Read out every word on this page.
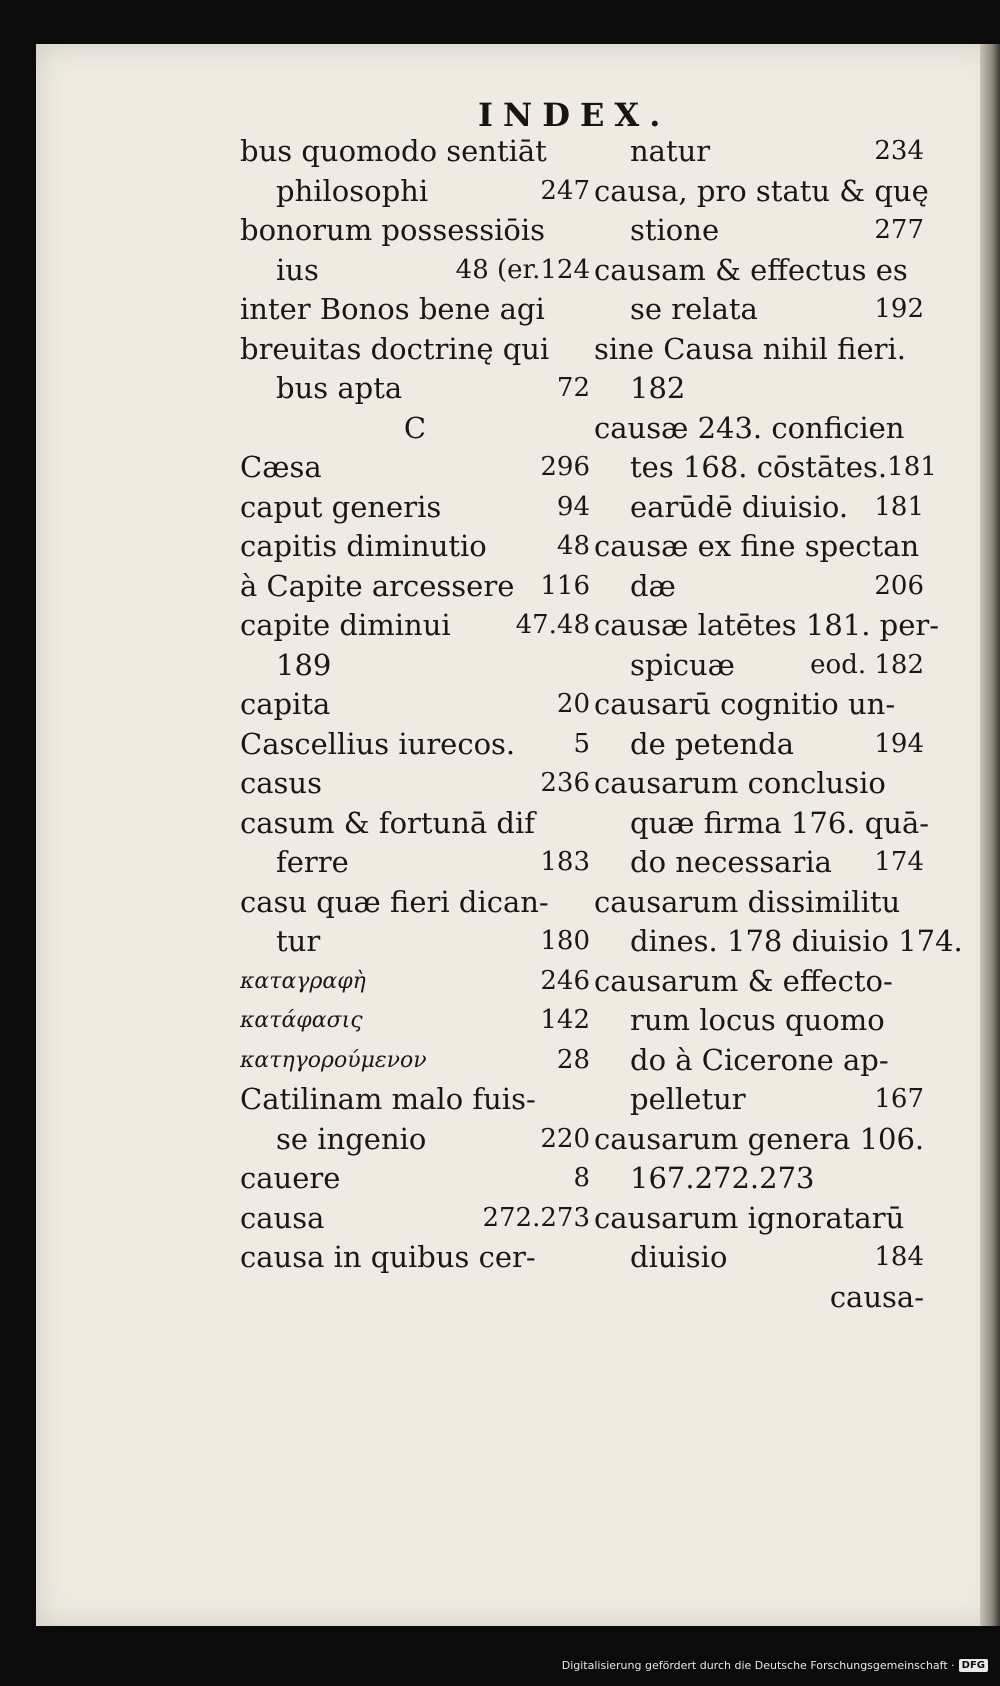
INDEX.
bus quomodo sentiāt
philosophi	247
bonorum possessiōis
ius	48 (er.124
inter Bonos bene agi
breuitas doctrinę qui
bus apta	72
C
Cæsa	296
caput generis	94
capitis diminutio	48
à Capite arcessere 116
capite diminui 47.48
189
capita	20
Cascellius iurecos. 5
casus	236
casum & fortunā dif
ferre	183
casu quæ fieri dican-
tur	180
καταγραφὴ	246
κατάφασις	142
κατηγορούμενον	28
Catilinam malo fuis-
se ingenio	220
cauere	8
causa	272.273
causa in quibus cer-
natur	234
causa, pro statu & quę
stione	277
causam & effectus es
se relata	192
sine Causa nihil fieri.
182
causæ 243. conficien
tes 168. cōstātes. 181
earūdē diuisio. 181
causæ ex fine spectan
dæ	206
causæ latētes 181. per-
spicuæ	eod. 182
causarū cognitio un-
de petenda	194
causarum conclusio
quæ firma 176. quā-
do necessaria 174
causarum dissimilitu
dines. 178 diuisio 174.
causarum & effecto-
rum locus quomo
do à Cicerone ap-
pelletur	167
causarum genera 106.
167.272.273
causarum ignoratarū
diuisio	184
causa-
Digitalisierung gefördert durch die Deutsche Forschungsgemeinschaft · DFG
